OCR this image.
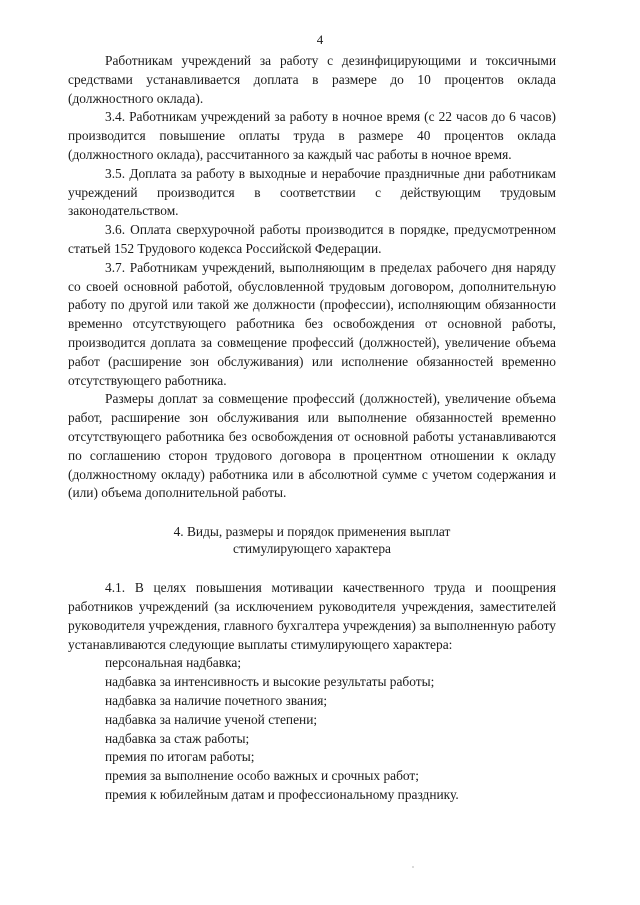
4

Работникам учреждений за работу с дезинфицирующими и токсичными средствами устанавливается доплата в размере до 10 процентов оклада (должностного оклада).

3.4. Работникам учреждений за работу в ночное время (с 22 часов до 6 часов) производится повышение оплаты труда в размере 40 процентов оклада (должностного оклада), рассчитанного за каждый час работы в ночное время.

3.5. Доплата за работу в выходные и нерабочие праздничные дни работникам учреждений производится в соответствии с действующим трудовым законодательством.

3.6. Оплата сверхурочной работы производится в порядке, предусмотренном статьей 152 Трудового кодекса Российской Федерации.

3.7. Работникам учреждений, выполняющим в пределах рабочего дня наряду со своей основной работой, обусловленной трудовым договором, дополнительную работу по другой или такой же должности (профессии), исполняющим обязанности временно отсутствующего работника без освобождения от основной работы, производится доплата за совмещение профессий (должностей), увеличение объема работ (расширение зон обслуживания) или исполнение обязанностей временно отсутствующего работника.

Размеры доплат за совмещение профессий (должностей), увеличение объема работ, расширение зон обслуживания или выполнение обязанностей временно отсутствующего работника без освобождения от основной работы устанавливаются по соглашению сторон трудового договора в процентном отношении к окладу (должностному окладу) работника или в абсолютной сумме с учетом содержания и (или) объема дополнительной работы.

4. Виды, размеры и порядок применения выплат
стимулирующего характера

4.1. В целях повышения мотивации качественного труда и поощрения работников учреждений (за исключением руководителя учреждения, заместителей руководителя учреждения, главного бухгалтера учреждения) за выполненную работу устанавливаются следующие выплаты стимулирующего характера:

персональная надбавка;
надбавка за интенсивность и высокие результаты работы;
надбавка за наличие почетного звания;
надбавка за наличие ученой степени;
надбавка за стаж работы;
премия по итогам работы;
премия за выполнение особо важных и срочных работ;
премия к юбилейным датам и профессиональному празднику.
